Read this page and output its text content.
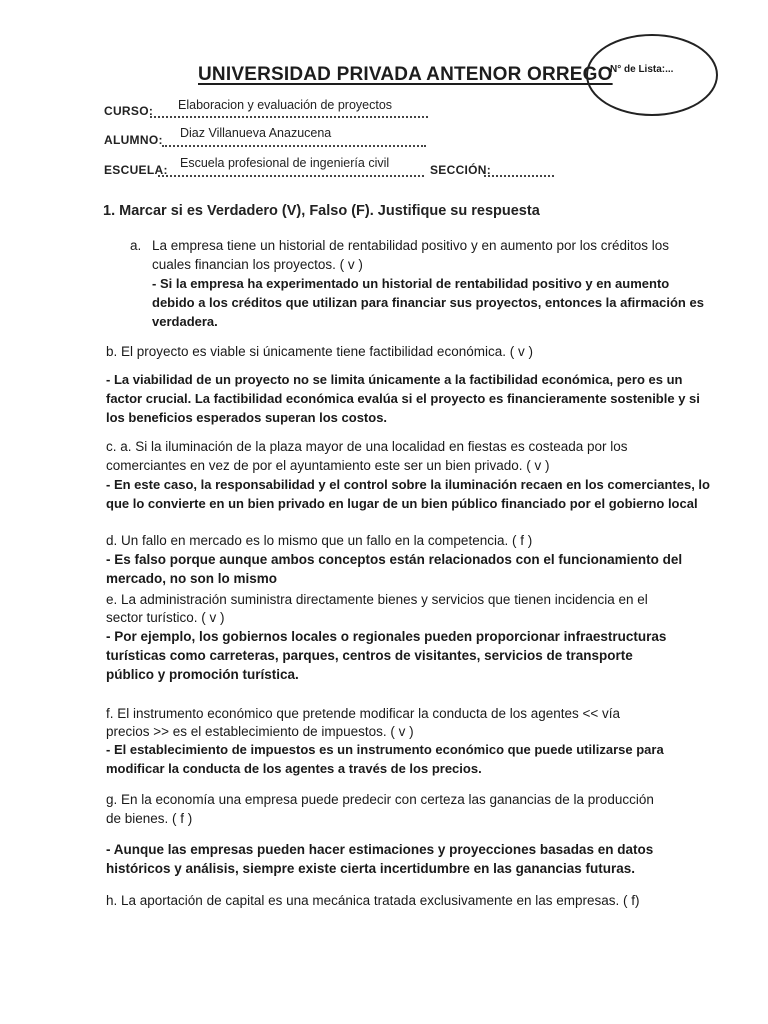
UNIVERSIDAD PRIVADA ANTENOR ORREGO
N° de Lista:...
CURSO: Elaboracion y evaluación de proyectos
ALUMNO: Diaz Villanueva Anazucena
ESCUELA: Escuela profesional de ingeniería civil	SECCIÓN:
1. Marcar si es Verdadero (V), Falso (F). Justifique su respuesta
a. La empresa tiene un historial de rentabilidad positivo y en aumento por los créditos los
cuales financian los proyectos. ( v )
- Si la empresa ha experimentado un historial de rentabilidad positivo y en aumento
debido a los créditos que utilizan para financiar sus proyectos, entonces la afirmación es
verdadera.
b. El proyecto es viable si únicamente tiene factibilidad económica. ( v )
- La viabilidad de un proyecto no se limita únicamente a la factibilidad económica, pero es un
factor crucial. La factibilidad económica evalúa si el proyecto es financieramente sostenible y si
los beneficios esperados superan los costos.
c. a. Si la iluminación de la plaza mayor de una localidad en fiestas es costeada por los
comerciantes en vez de por el ayuntamiento este ser un bien privado. ( v )
- En este caso, la responsabilidad y el control sobre la iluminación recaen en los comerciantes, lo
que lo convierte en un bien privado en lugar de un bien público financiado por el gobierno local
d. Un fallo en mercado es lo mismo que un fallo en la competencia. ( f )
- Es falso porque aunque ambos conceptos están relacionados con el funcionamiento del
mercado, no son lo mismo
e. La administración suministra directamente bienes y servicios que tienen incidencia en el
sector turístico. ( v )
- Por ejemplo, los gobiernos locales o regionales pueden proporcionar infraestructuras
turísticas como carreteras, parques, centros de visitantes, servicios de transporte
público y promoción turística.
f. El instrumento económico que pretende modificar la conducta de los agentes << vía
precios >> es el establecimiento de impuestos. ( v )
- El establecimiento de impuestos es un instrumento económico que puede utilizarse para
modificar la conducta de los agentes a través de los precios.
g. En la economía una empresa puede predecir con certeza las ganancias de la producción
de bienes. ( f )
- Aunque las empresas pueden hacer estimaciones y proyecciones basadas en datos
históricos y análisis, siempre existe cierta incertidumbre en las ganancias futuras.
h. La aportación de capital es una mecánica tratada exclusivamente en las empresas. ( f)
